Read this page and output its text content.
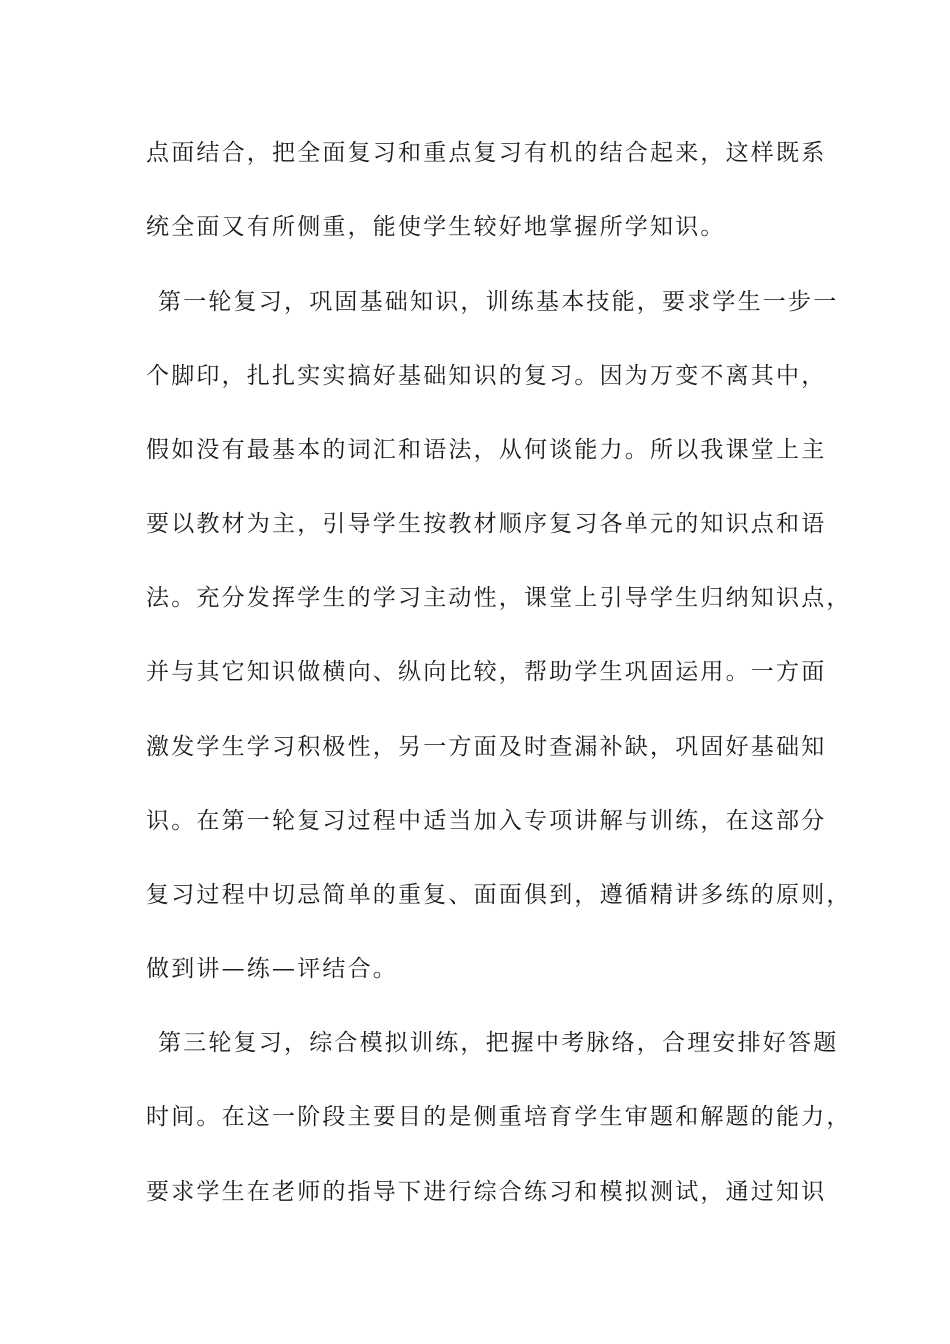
点面结合，把全面复习和重点复习有机的结合起来，这样既系

统全面又有所侧重，能使学生较好地掌握所学知识。

第一轮复习，巩固基础知识，训练基本技能，要求学生一步一

个脚印，扎扎实实搞好基础知识的复习。因为万变不离其中，

假如没有最基本的词汇和语法，从何谈能力。所以我课堂上主

要以教材为主，引导学生按教材顺序复习各单元的知识点和语

法。充分发挥学生的学习主动性，课堂上引导学生归纳知识点，

并与其它知识做横向、纵向比较，帮助学生巩固运用。一方面

激发学生学习积极性，另一方面及时查漏补缺，巩固好基础知

识。在第一轮复习过程中适当加入专项讲解与训练，在这部分

复习过程中切忌简单的重复、面面俱到，遵循精讲多练的原则，

做到讲—练—评结合。

第三轮复习，综合模拟训练，把握中考脉络，合理安排好答题

时间。在这一阶段主要目的是侧重培育学生审题和解题的能力，

要求学生在老师的指导下进行综合练习和模拟测试，通过知识
